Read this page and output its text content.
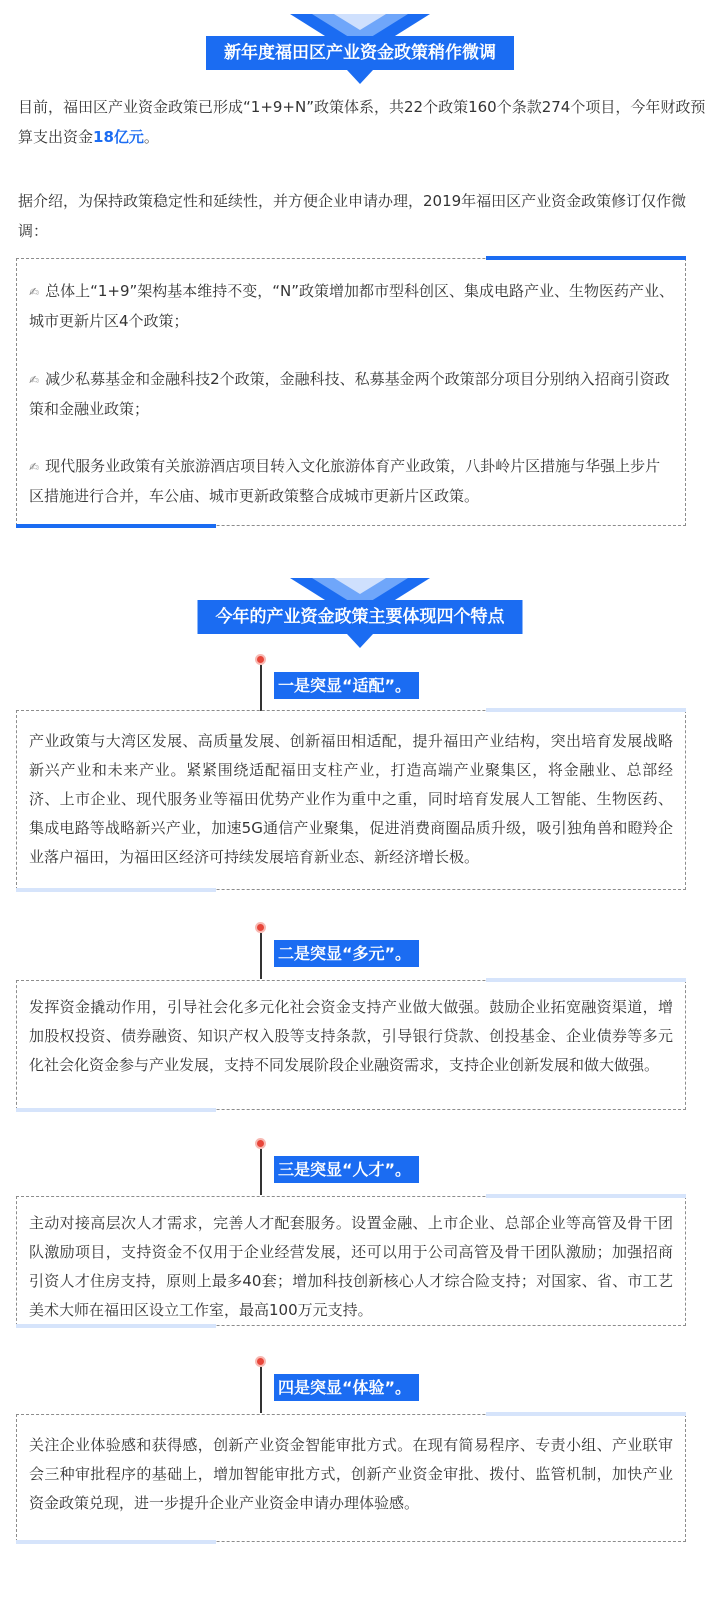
新年度福田区产业资金政策稍作微调
目前，福田区产业资金政策已形成“1+9+N”政策体系，共22个政策160个条款274个项目，今年财政预算支出资金18亿元。
据介绍，为保持政策稳定性和延续性，并方便企业申请办理，2019年福田区产业资金政策修订仅作微调：
✍ 总体上“1+9”架构基本维持不变，“N”政策增加都市型科创区、集成电路产业、生物医药产业、城市更新片区4个政策；
✍ 减少私募基金和金融科技2个政策，金融科技、私募基金两个政策部分项目分别纳入招商引资政策和金融业政策；
✍ 现代服务业政策有关旅游酒店项目转入文化旅游体育产业政策，八卦岭片区措施与华强上步片区措施进行合并，车公庙、城市更新政策整合成城市更新片区政策。
今年的产业资金政策主要体现四个特点
一是突显“适配”。
产业政策与大湾区发展、高质量发展、创新福田相适配，提升福田产业结构，突出培育发展战略新兴产业和未来产业。紧紧围绕适配福田支柱产业，打造高端产业聚集区，将金融业、总部经济、上市企业、现代服务业等福田优势产业作为重中之重，同时培育发展人工智能、生物医药、集成电路等战略新兴产业，加速5G通信产业聚集，促进消费商圈品质升级，吸引独角兽和瞪羚企业落户福田，为福田区经济可持续发展培育新业态、新经济增长极。
二是突显“多元”。
发挥资金撬动作用，引导社会化多元化社会资金支持产业做大做强。鼓励企业拓宽融资渠道，增加股权投资、债券融资、知识产权入股等支持条款，引导银行贷款、创投基金、企业债券等多元化社会化资金参与产业发展，支持不同发展阶段企业融资需求，支持企业创新发展和做大做强。
三是突显“人才”。
主动对接高层次人才需求，完善人才配套服务。设置金融、上市企业、总部企业等高管及骨干团队激励项目，支持资金不仅用于企业经营发展，还可以用于公司高管及骨干团队激励；加强招商引资人才住房支持，原则上最多40套；增加科技创新核心人才综合险支持；对国家、省、市工艺美术大师在福田区设立工作室，最高100万元支持。
四是突显“体验”。
关注企业体验感和获得感，创新产业资金智能审批方式。在现有简易程序、专责小组、产业联审会三种审批程序的基础上，增加智能审批方式，创新产业资金审批、拨付、监管机制，加快产业资金政策兑现，进一步提升企业产业资金申请办理体验感。
